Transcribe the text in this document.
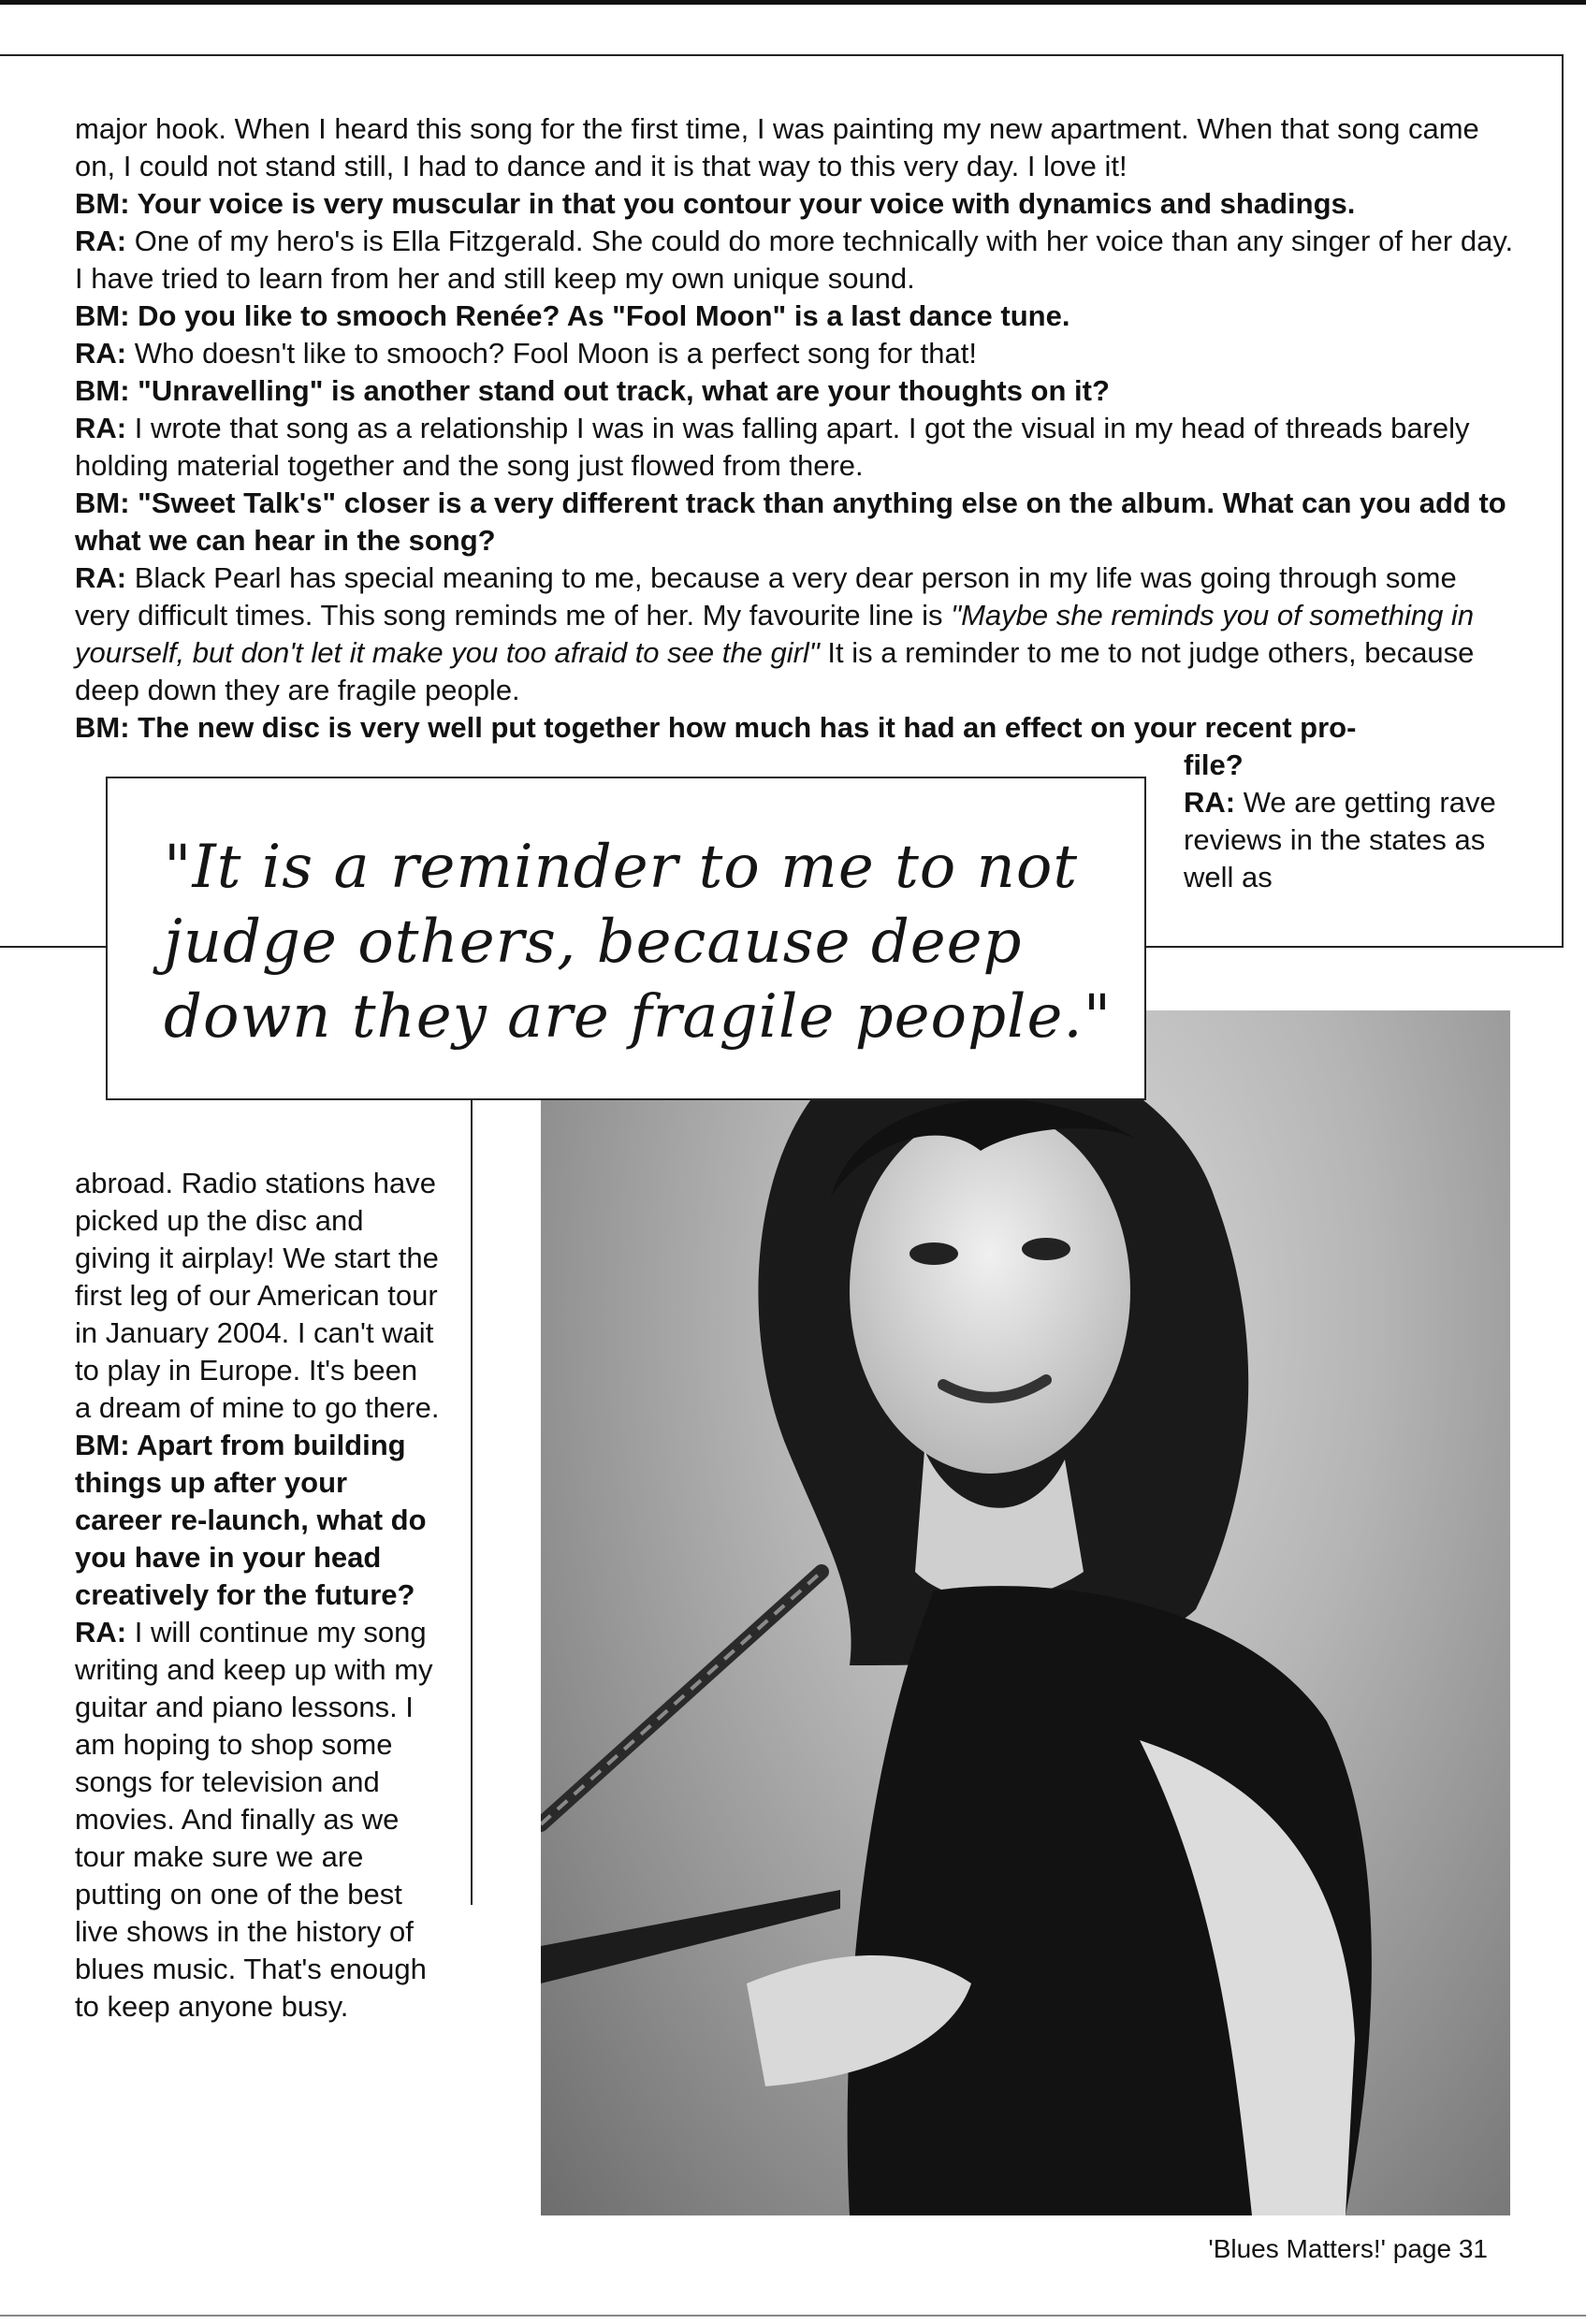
major hook. When I heard this song for the first time, I was painting my new apartment. When that song came on, I could not stand still, I had to dance and it is that way to this very day. I love it!

BM: Your voice is very muscular in that you contour your voice with dynamics and shadings.

RA: One of my hero's is Ella Fitzgerald. She could do more technically with her voice than any singer of her day. I have tried to learn from her and still keep my own unique sound.

BM: Do you like to smooch Renée? As "Fool Moon" is a last dance tune.

RA: Who doesn't like to smooch? Fool Moon is a perfect song for that!

BM: "Unravelling" is another stand out track, what are your thoughts on it?

RA: I wrote that song as a relationship I was in was falling apart. I got the visual in my head of threads barely holding material together and the song just flowed from there.

BM: "Sweet Talk's" closer is a very different track than anything else on the album. What can you add to what we can hear in the song?

RA: Black Pearl has special meaning to me, because a very dear person in my life was going through some very difficult times. This song reminds me of her. My favourite line is "Maybe she reminds you of something in yourself, but don't let it make you too afraid to see the girl" It is a reminder to me to not judge others, because deep down they are fragile people.

BM: The new disc is very well put together how much has it had an effect on your recent pro-

file?

RA: We are getting rave reviews in the states as well as

"It is a reminder to me to not judge others, because deep down they are fragile people."

abroad. Radio stations have picked up the disc and giving it airplay! We start the first leg of our American tour in January 2004. I can't wait to play in Europe. It's been a dream of mine to go there.

BM: Apart from building things up after your career re-launch, what do you have in your head creatively for the future?

RA: I will continue my song writing and keep up with my guitar and piano lessons. I am hoping to shop some songs for television and movies. And finally as we tour make sure we are putting on one of the best live shows in the history of blues music. That's enough to keep anyone busy.

'Blues Matters!' page 31
